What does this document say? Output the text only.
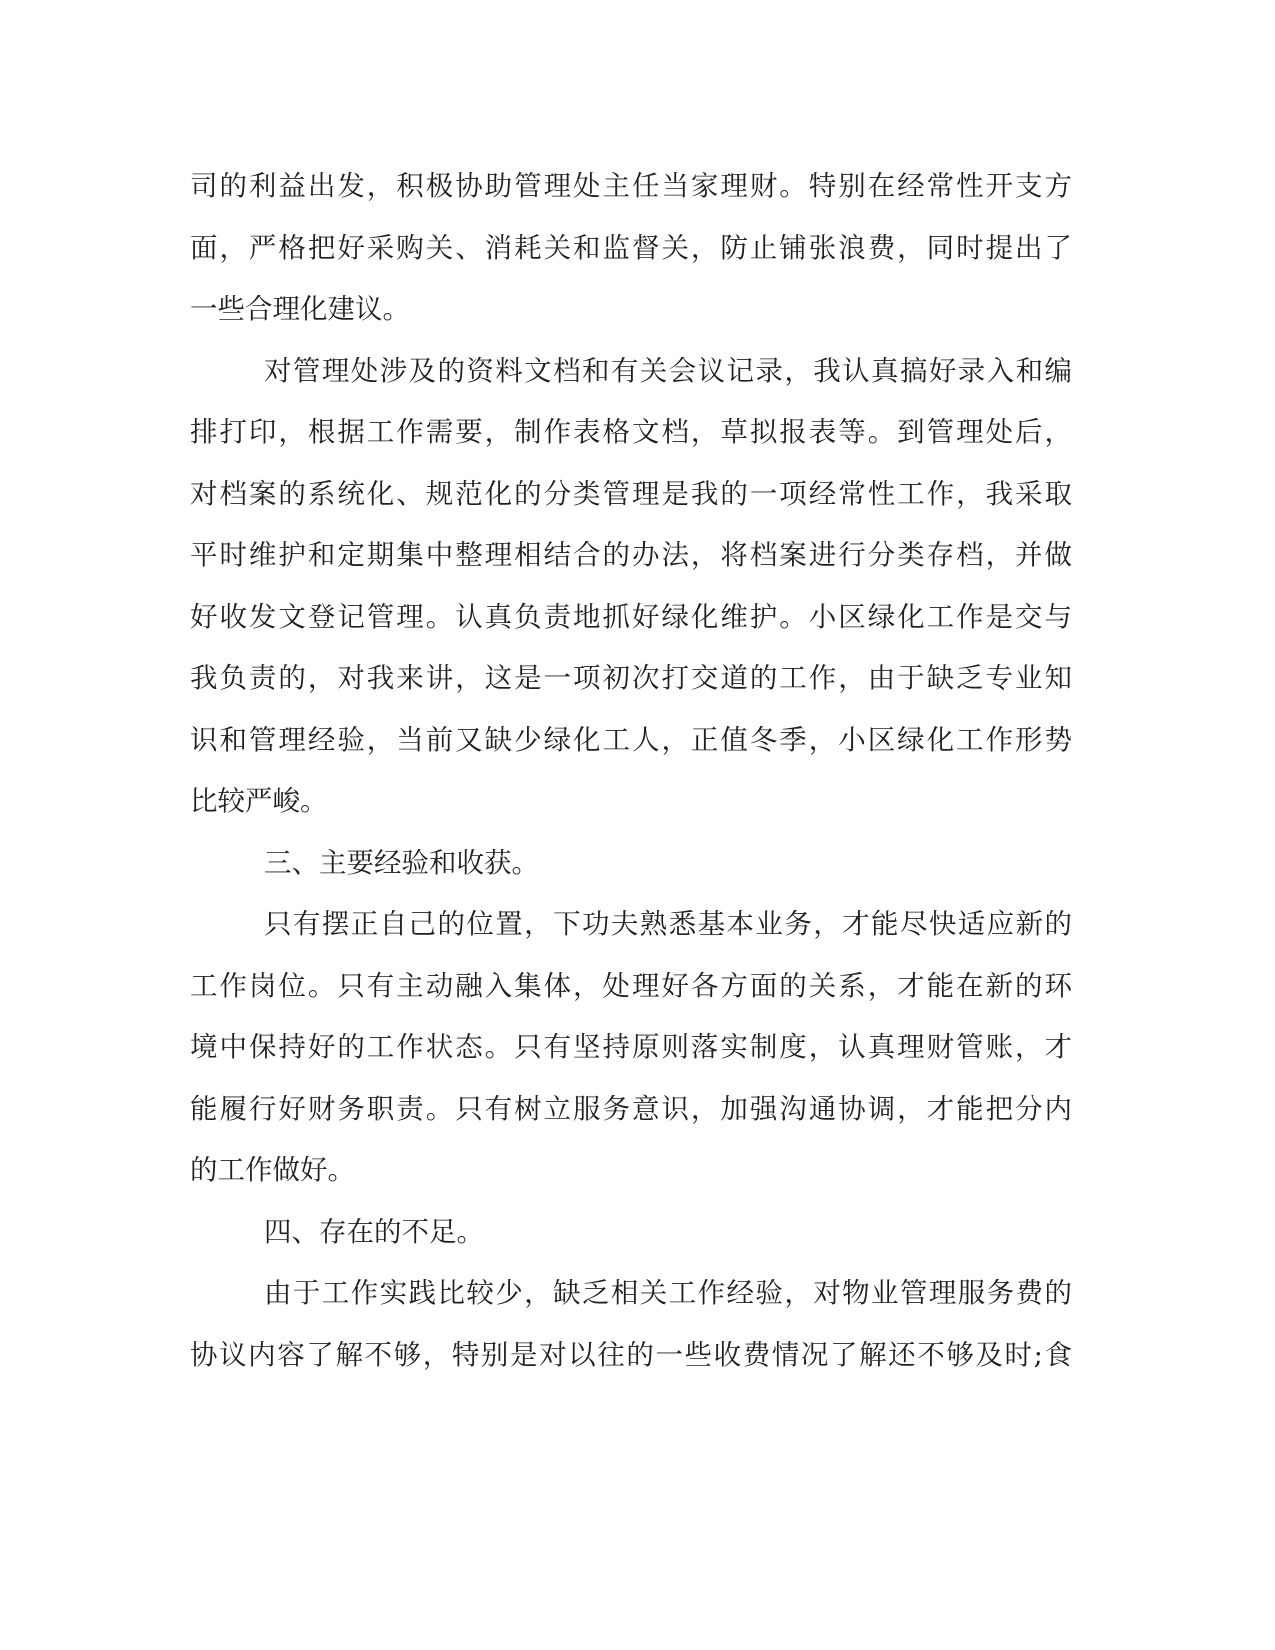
司的利益出发，积极协助管理处主任当家理财。特别在经常性开支方
面，严格把好采购关、消耗关和监督关，防止铺张浪费，同时提出了
一些合理化建议。
对管理处涉及的资料文档和有关会议记录，我认真搞好录入和编
排打印，根据工作需要，制作表格文档，草拟报表等。到管理处后，
对档案的系统化、规范化的分类管理是我的一项经常性工作，我采取
平时维护和定期集中整理相结合的办法，将档案进行分类存档，并做
好收发文登记管理。认真负责地抓好绿化维护。小区绿化工作是交与
我负责的，对我来讲，这是一项初次打交道的工作，由于缺乏专业知
识和管理经验，当前又缺少绿化工人，正值冬季，小区绿化工作形势
比较严峻。
三、主要经验和收获。
只有摆正自己的位置，下功夫熟悉基本业务，才能尽快适应新的
工作岗位。只有主动融入集体，处理好各方面的关系，才能在新的环
境中保持好的工作状态。只有坚持原则落实制度，认真理财管账，才
能履行好财务职责。只有树立服务意识，加强沟通协调，才能把分内
的工作做好。
四、存在的不足。
由于工作实践比较少，缺乏相关工作经验，对物业管理服务费的
协议内容了解不够，特别是对以往的一些收费情况了解还不够及时;食
